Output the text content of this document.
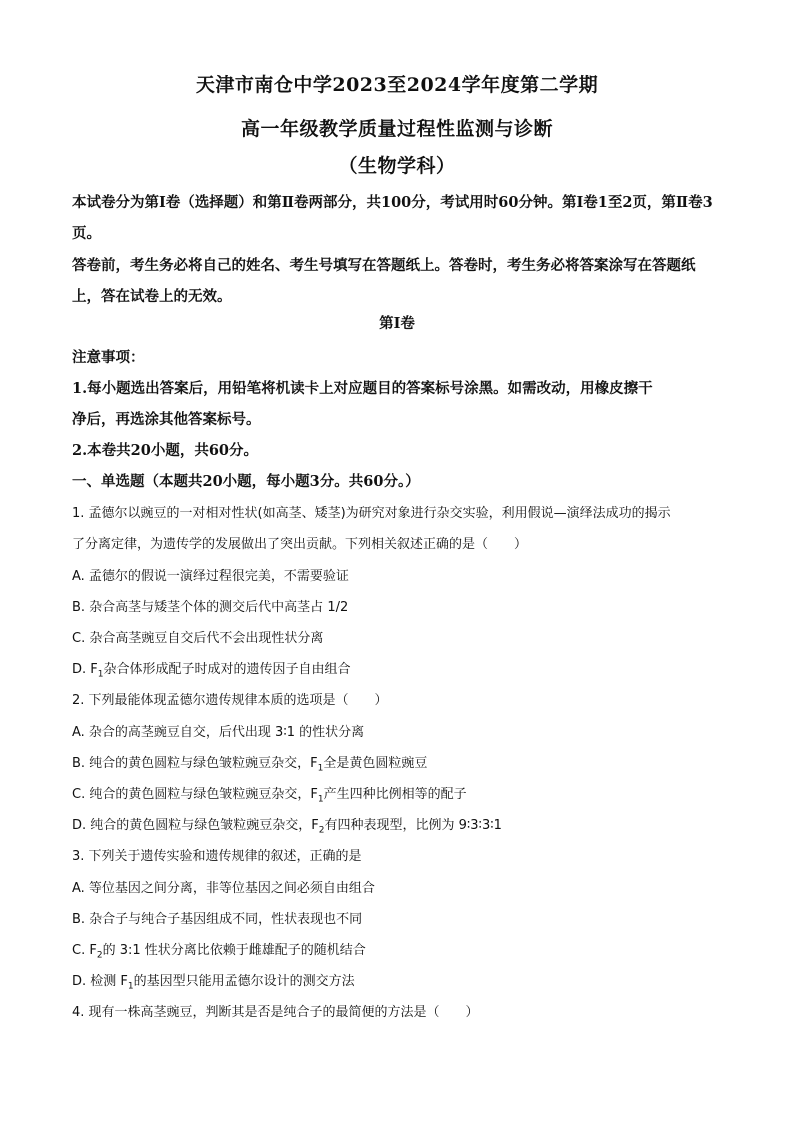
天津市南仓中学2023至2024学年度第二学期
高一年级教学质量过程性监测与诊断
（生物学科）
本试卷分为第Ⅰ卷（选择题）和第Ⅱ卷两部分，共100分，考试用时60分钟。第Ⅰ卷1至2页，第Ⅱ卷3页。
答卷前，考生务必将自己的姓名、考生号填写在答题纸上。答卷时，考生务必将答案涂写在答题纸上，答在试卷上的无效。
第Ⅰ卷
注意事项：
1.每小题选出答案后，用铅笔将机读卡上对应题目的答案标号涂黑。如需改动，用橡皮擦干
净后，再选涂其他答案标号。
2.本卷共20小题，共60分。
一、单选题（本题共20小题，每小题3分。共60分。）
1. 孟德尔以豌豆的一对相对性状(如高茎、矮茎)为研究对象进行杂交实验，利用假说—演绎法成功的揭示
了分离定律，为遗传学的发展做出了突出贡献。下列相关叙述正确的是（　　）
A. 孟德尔的假说一演绎过程很完美，不需要验证
B. 杂合高茎与矮茎个体的测交后代中高茎占 1/2
C. 杂合高茎豌豆自交后代不会出现性状分离
D. $F_1$杂合体形成配子时成对的遗传因子自由组合
2. 下列最能体现孟德尔遗传规律本质的选项是（　　）
A. 杂合的高茎豌豆自交，后代出现 3∶1 的性状分离
B. 纯合的黄色圆粒与绿色皱粒豌豆杂交，$F_1$全是黄色圆粒豌豆
C. 纯合的黄色圆粒与绿色皱粒豌豆杂交，$F_1$产生四种比例相等的配子
D. 纯合的黄色圆粒与绿色皱粒豌豆杂交，$F_2$有四种表现型，比例为 9∶3∶3∶1
3. 下列关于遗传实验和遗传规律的叙述，正确的是
A. 等位基因之间分离，非等位基因之间必须自由组合
B. 杂合子与纯合子基因组成不同，性状表现也不同
C. $F_2$的 3:1 性状分离比依赖于雌雄配子的随机结合
D. 检测 $F_1$的基因型只能用孟德尔设计的测交方法
4. 现有一株高茎豌豆，判断其是否是纯合子的最简便的方法是（　　）
